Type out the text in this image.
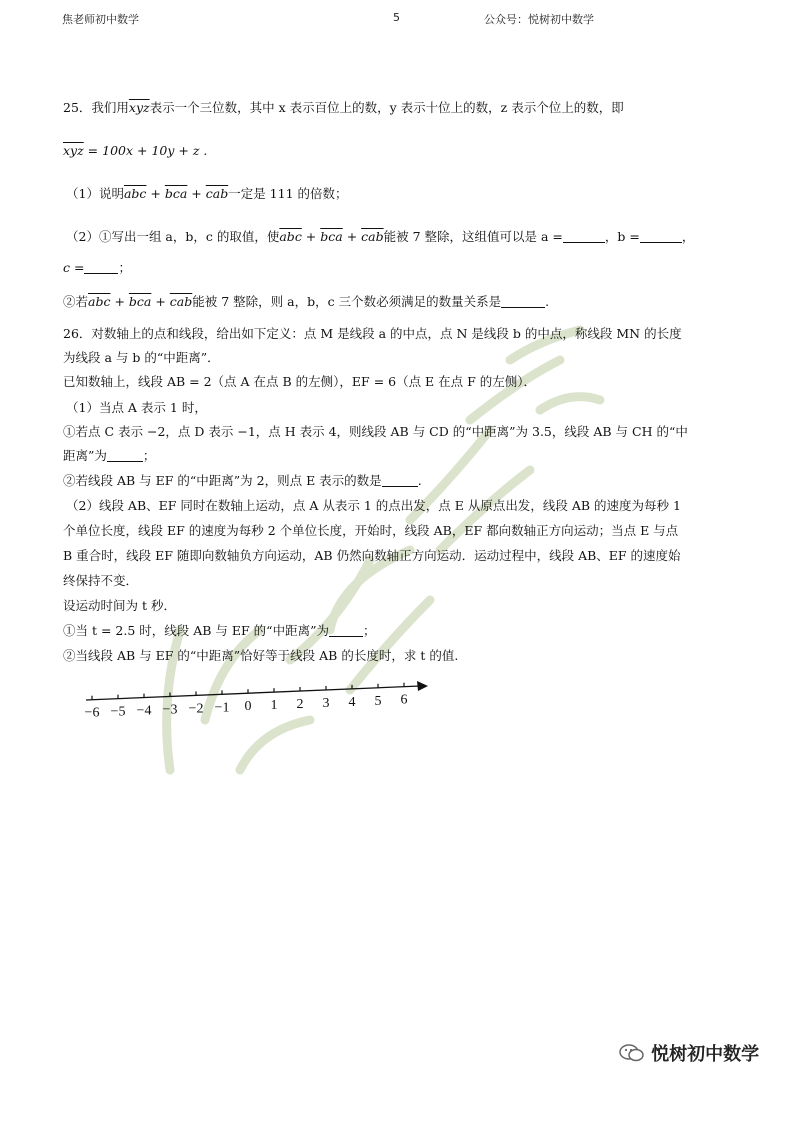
焦老师初中数学	5	公众号：悦树初中数学
25．我们用$\overline{xyz}$表示一个三位数，其中 x 表示百位上的数，y 表示十位上的数，z 表示个位上的数，即
$\overline{xyz} = 100x + 10y + z$ .
（1）说明$\overline{abc} + \overline{bca} + \overline{cab}$一定是 111 的倍数；
（2）①写出一组 a，b，c 的取值，使$\overline{abc} + \overline{bca} + \overline{cab}$能被 7 整除，这组值可以是 a =	，b =	，
c =	；
②若$\overline{abc} + \overline{bca} + \overline{cab}$能被 7 整除，则 a，b，c 三个数必须满足的数量关系是	.
26．对数轴上的点和线段，给出如下定义：点 M 是线段 a 的中点，点 N 是线段 b 的中点，称线段 MN 的长度
为线段 a 与 b 的“中距离”．
已知数轴上，线段 AB = 2（点 A 在点 B 的左侧），EF = 6（点 E 在点 F 的左侧）．
（1）当点 A 表示 1 时，
①若点 C 表示 −2，点 D 表示 −1，点 H 表示 4，则线段 AB 与 CD 的“中距离”为 3.5，线段 AB 与 CH 的“中
距离”为	；
②若线段 AB 与 EF 的“中距离”为 2，则点 E 表示的数是	.
（2）线段 AB、EF 同时在数轴上运动，点 A 从表示 1 的点出发，点 E 从原点出发，线段 AB 的速度为每秒 1
个单位长度，线段 EF 的速度为每秒 2 个单位长度，开始时，线段 AB，EF 都向数轴正方向运动；当点 E 与点
B 重合时，线段 EF 随即向数轴负方向运动，AB 仍然向数轴正方向运动．运动过程中，线段 AB、EF 的速度始
终保持不变．
设运动时间为 t 秒．
①当 t = 2.5 时，线段 AB 与 EF 的“中距离”为	；
②当线段 AB 与 EF 的“中距离”恰好等于线段 AB 的长度时，求 t 的值.
−6 −5 −4 −3 −2 −1 0 1 2 3 4 5 6
悦树初中数学
